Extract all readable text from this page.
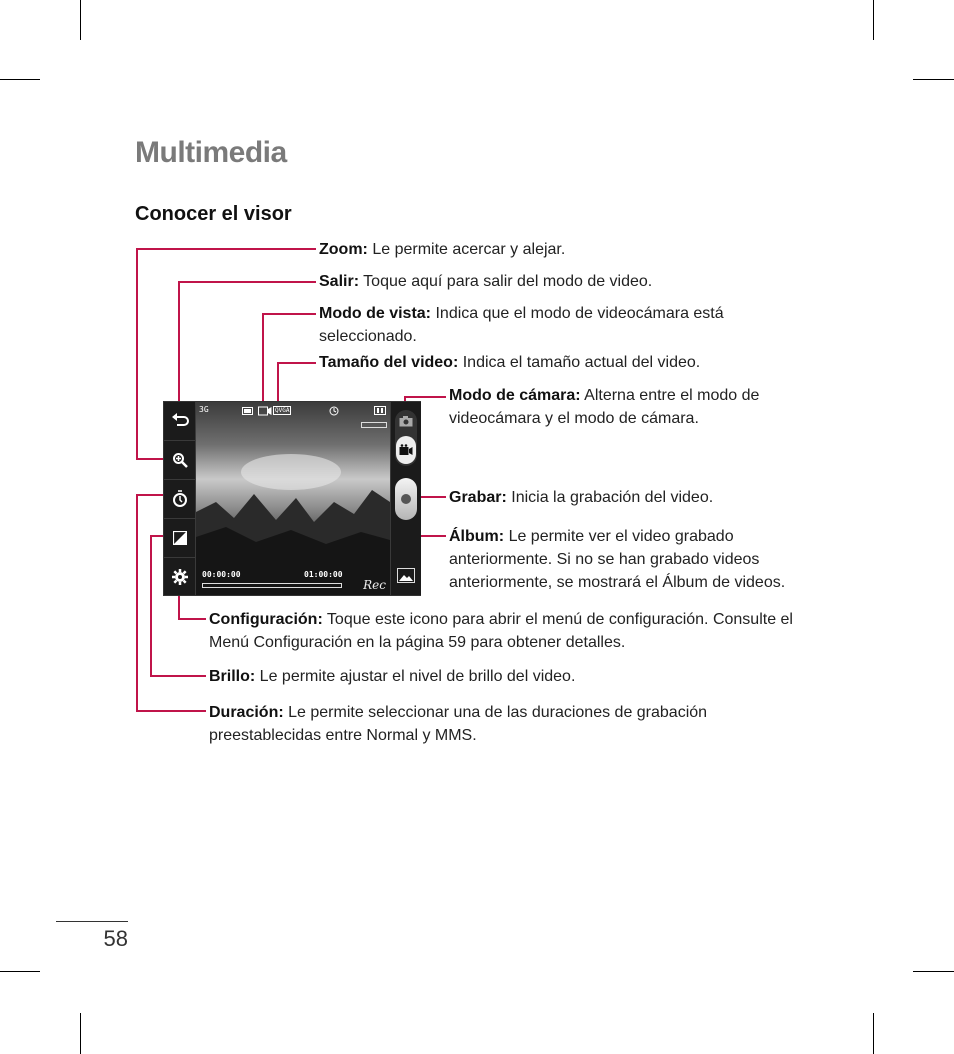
Multimedia
Conocer el visor

Zoom: Le permite acercar y alejar.

Salir: Toque aquí para salir del modo de video.

Modo de vista: Indica que el modo de videocámara está seleccionado.

Tamaño del video: Indica el tamaño actual del video.

Modo de cámara: Alterna entre el modo de videocámara y el modo de cámara.

Grabar: Inicia la grabación del video.

Álbum: Le permite ver el video grabado anteriormente. Si no se han grabado videos anteriormente, se mostrará el Álbum de videos.

Configuración: Toque este icono para abrir el menú de configuración. Consulte el Menú Configuración en la página 59 para obtener detalles.

Brillo: Le permite ajustar el nivel de brillo del video.

Duración: Le permite seleccionar una de las duraciones de grabación preestablecidas entre Normal y MMS.

3G	QVGA
00:00:00	01:00:00
Rec
58
